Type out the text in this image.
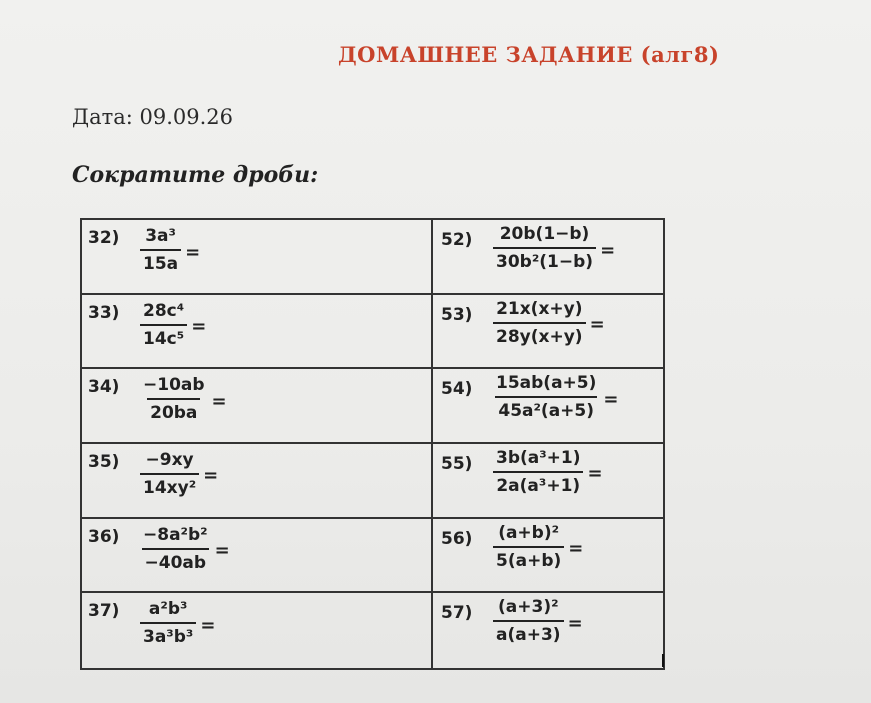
ДОМАШНЕЕ ЗАДАНИЕ (алг8)
Дата: 09.09.26
Сократите дроби:
$32) \frac{\text{3a³}}{15a}$ =
$52) \frac{20b(1-b)}{\text{30b²(1−b)}}$ =
$33) \frac{\text{28c⁴}}{\text{14c⁵}}$ =
$53) \frac{21x(x+y)}{28y(x+y)}$ =
$34) \frac{-10ab}{20ba}$ =
$54) \frac{15ab(a+5)}{\text{45a²(a+5)}}$ =
$35) \frac{-9xy}{\text{14xy²}}$ =
$55) \frac{\text{3b(a³+1)}}{\text{2a(a³+1)}}$ =
$36) \frac{\text{−8a²b²}}{-40ab}$ =
$56) \frac{\text{(a+b)²}}{5(a+b)}$ =
$37) \frac{\text{a²b³}}{\text{3a³b³}}$ =
$57) \frac{\text{(a+3)²}}{a(a+3)}$ =
